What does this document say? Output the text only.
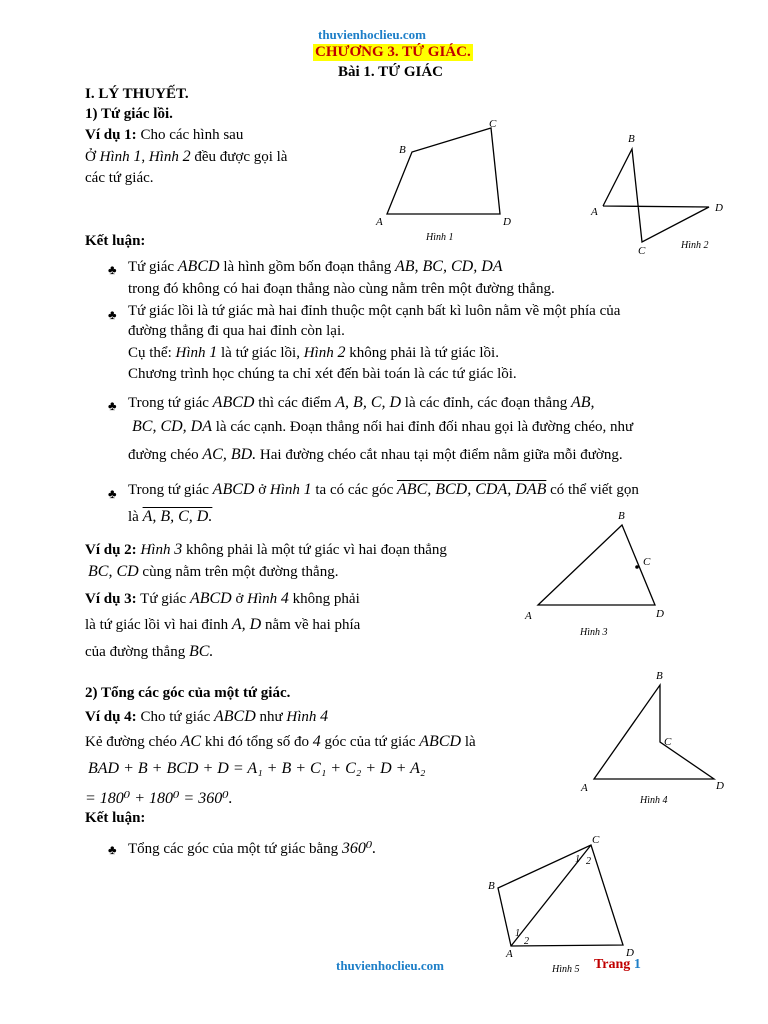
thuvienhoclieu.com
CHƯƠNG 3. TỨ GIÁC.
Bài 1. TỨ GIÁC
I. LÝ THUYẾT.
1) Tứ giác lồi.
Ví dụ 1: Cho các hình sau
Ở Hình 1, Hình 2 đều được gọi là
các tứ giác.
Kết luận:
♣ Tứ giác ABCD là hình gồm bốn đoạn thẳng AB, BC, CD, DA
trong đó không có hai đoạn thẳng nào cùng nằm trên một đường thẳng.
♣ Tứ giác lồi là tứ giác mà hai đỉnh thuộc một cạnh bất kì luôn nằm về một phía của
đường thẳng đi qua hai đỉnh còn lại.
Cụ thể: Hình 1 là tứ giác lồi, Hình 2 không phải là tứ giác lồi.
Chương trình học chúng ta chỉ xét đến bài toán là các tứ giác lồi.
♣ Trong tứ giác ABCD thì các điểm A, B, C, D là các đỉnh, các đoạn thẳng AB,
BC, CD, DA là các cạnh. Đoạn thẳng nối hai đỉnh đối nhau gọi là đường chéo, như
đường chéo AC, BD. Hai đường chéo cắt nhau tại một điểm nằm giữa mỗi đường.
♣ Trong tứ giác ABCD ở Hình 1 ta có các góc ABC, BCD, CDA, DAB có thể viết gọn
là A, B, C, D.
Ví dụ 2: Hình 3 không phải là một tứ giác vì hai đoạn thẳng
BC, CD cùng nằm trên một đường thẳng.
Ví dụ 3: Tứ giác ABCD ở Hình 4 không phải
là tứ giác lồi vì hai đỉnh A, D nằm về hai phía
của đường thẳng BC.
2) Tổng các góc của một tứ giác.
Ví dụ 4: Cho tứ giác ABCD như Hình 4
Kẻ đường chéo AC khi đó tổng số đo 4 góc của tứ giác ABCD là
BAD + B + BCD + D = A₁ + B + C₁ + C₂ + D + A₂
= 180⁰ + 180⁰ = 360⁰.
Kết luận:
♣ Tổng các góc của một tứ giác bằng 360⁰.
A
B
C
D
Hình 1
A
B
C
D
Hình 2
A
B
C
D
Hình 3
A
B
C
D
Hình 4
A
B
C
D
1
2
1 2
Hình 5
thuvienhoclieu.com	Trang 1
